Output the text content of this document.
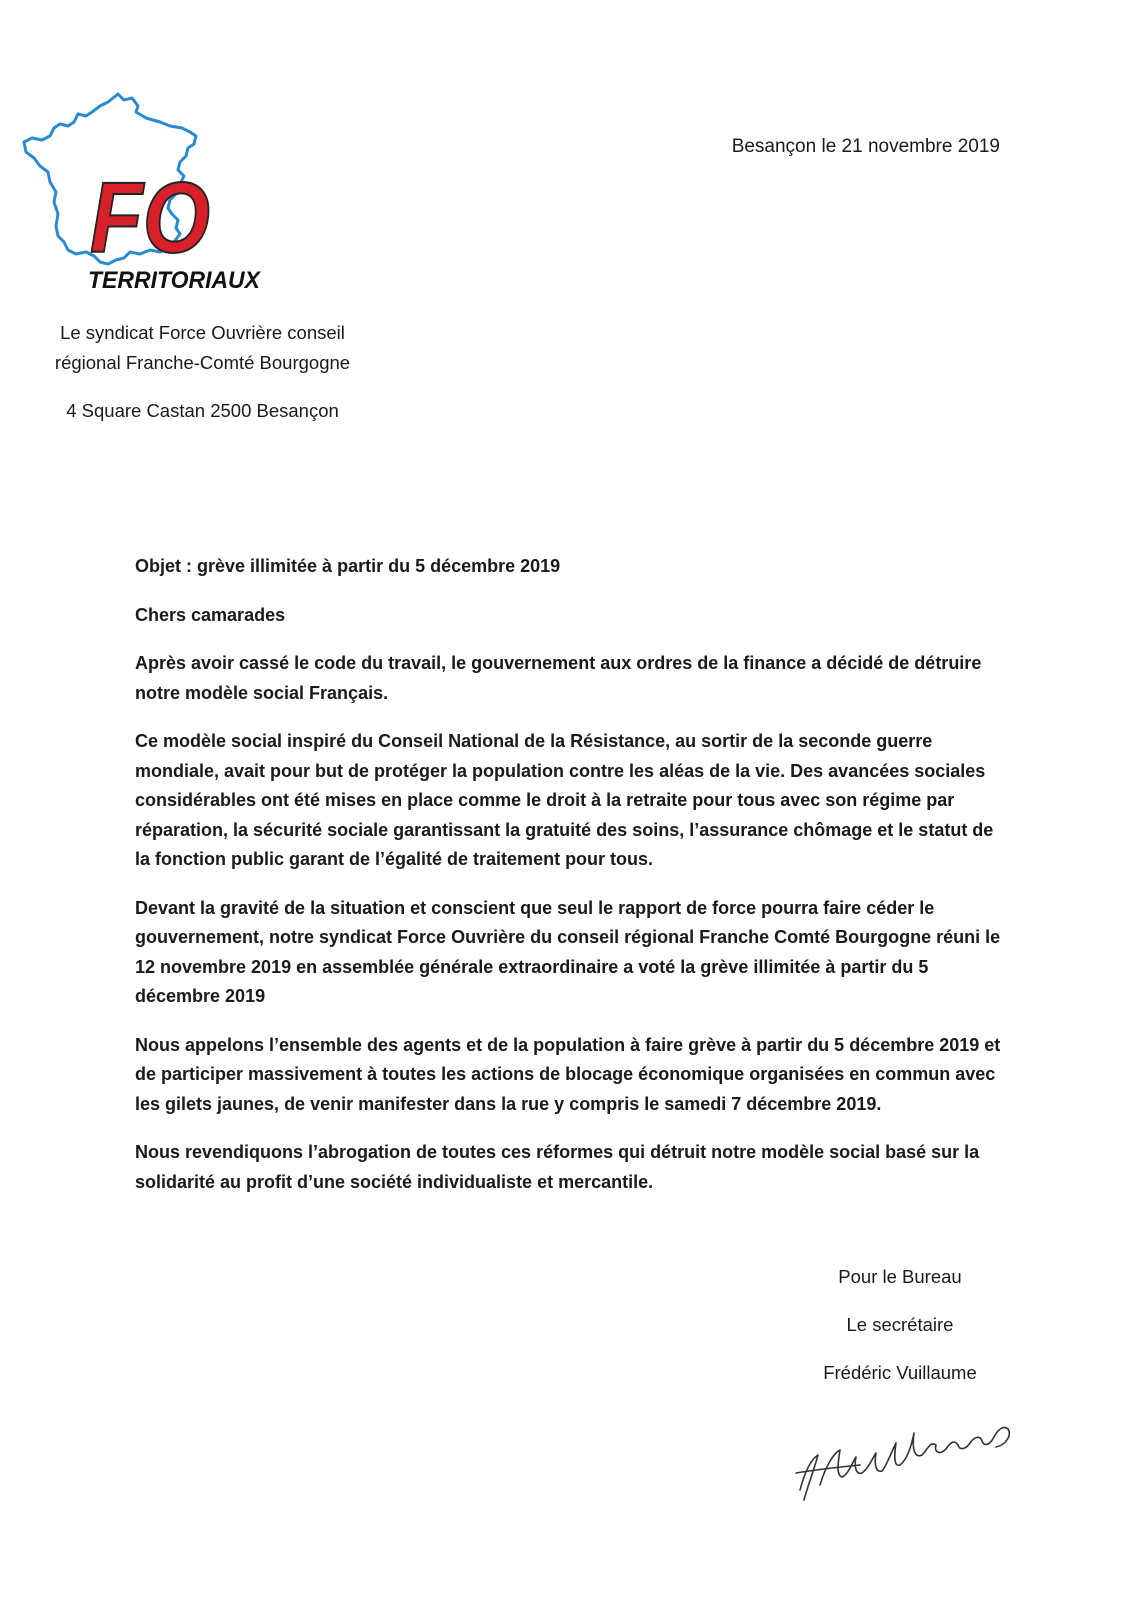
FO
TERRITORIAUX
Besançon le 21 novembre 2019
Le syndicat Force Ouvrière conseil
régional Franche-Comté Bourgogne
4 Square Castan 2500 Besançon

Objet : grève illimitée à partir du 5 décembre 2019

Chers camarades

Après avoir cassé le code du travail, le gouvernement aux ordres de la finance a décidé de détruire notre modèle social Français.

Ce modèle social inspiré du Conseil National de la Résistance, au sortir de la seconde guerre mondiale, avait pour but de protéger la population contre les aléas de la vie. Des avancées sociales considérables ont été mises en place comme le droit à la retraite pour tous avec son régime par réparation, la sécurité sociale garantissant la gratuité des soins, l’assurance chômage et le statut de la fonction public garant de l’égalité de traitement pour tous.

Devant la gravité de la situation et conscient que seul le rapport de force pourra faire céder le gouvernement, notre syndicat Force Ouvrière du conseil régional Franche Comté Bourgogne réuni le 12 novembre 2019 en assemblée générale extraordinaire a voté la grève illimitée à partir du 5 décembre 2019

Nous appelons l’ensemble des agents et de la population à faire grève à partir du 5 décembre 2019 et de participer massivement à toutes les actions de blocage économique organisées en commun avec les gilets jaunes, de venir manifester dans la rue y compris le samedi 7 décembre 2019.

Nous revendiquons l’abrogation de toutes ces réformes qui détruit notre modèle social basé sur la solidarité au profit d’une société individualiste et mercantile.

Pour le Bureau
Le secrétaire
Frédéric Vuillaume
